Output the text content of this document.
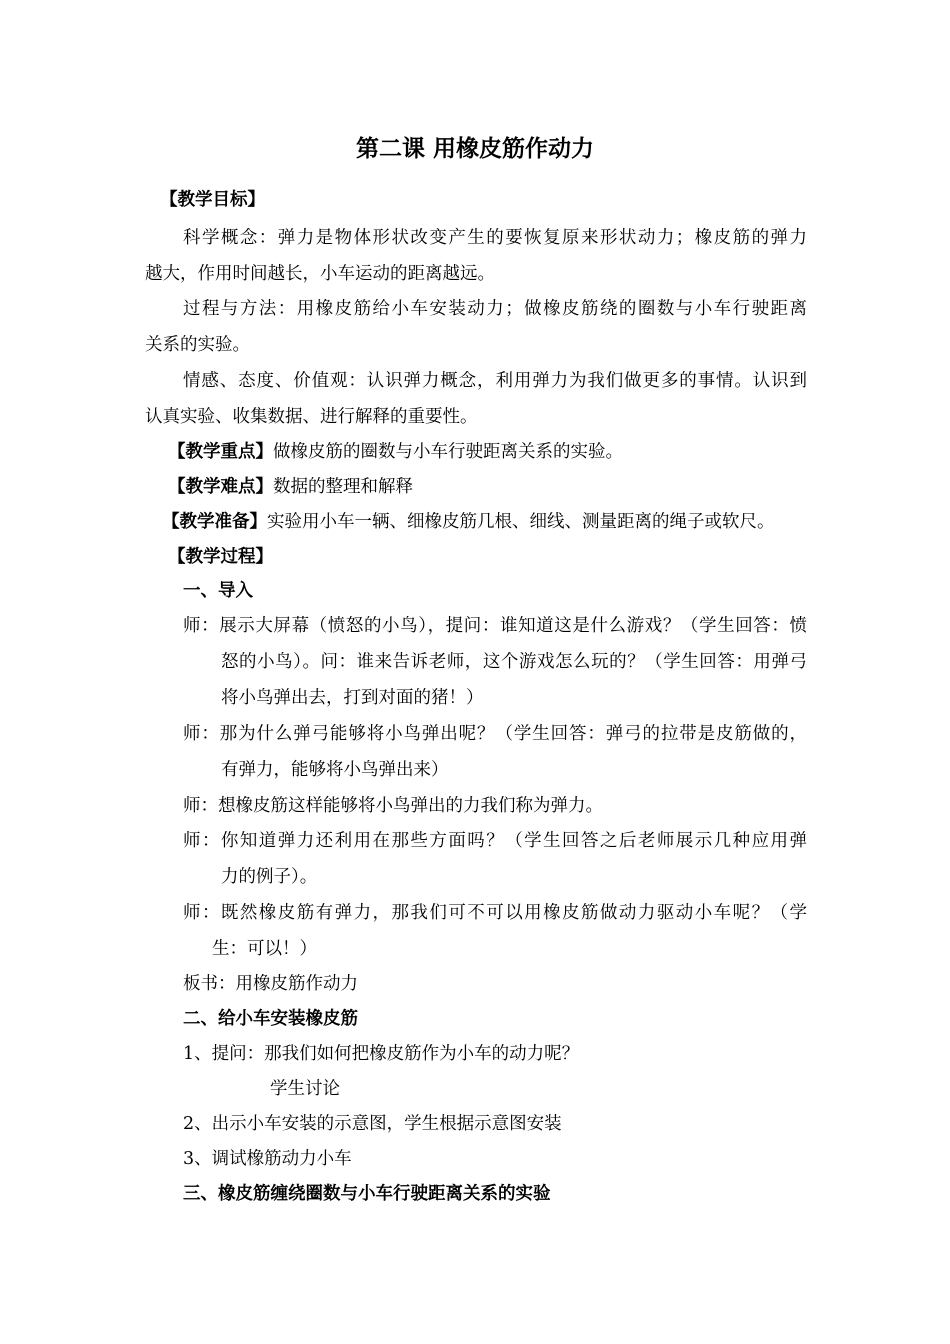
第二课 用橡皮筋作动力
【教学目标】
科学概念：弹力是物体形状改变产生的要恢复原来形状动力；橡皮筋的弹力
越大，作用时间越长，小车运动的距离越远。
过程与方法：用橡皮筋给小车安装动力；做橡皮筋绕的圈数与小车行驶距离
关系的实验。
情感、态度、价值观：认识弹力概念，利用弹力为我们做更多的事情。认识到
认真实验、收集数据、进行解释的重要性。
【教学重点】做橡皮筋的圈数与小车行驶距离关系的实验。
【教学难点】数据的整理和解释
【教学准备】实验用小车一辆、细橡皮筋几根、细线、测量距离的绳子或软尺。
【教学过程】
一、导入
师：展示大屏幕（愤怒的小鸟），提问：谁知道这是什么游戏？（学生回答：愤
怒的小鸟）。问：谁来告诉老师，这个游戏怎么玩的？（学生回答：用弹弓
将小鸟弹出去，打到对面的猪！）
师：那为什么弹弓能够将小鸟弹出呢？（学生回答：弹弓的拉带是皮筋做的，
有弹力，能够将小鸟弹出来）
师：想橡皮筋这样能够将小鸟弹出的力我们称为弹力。
师：你知道弹力还利用在那些方面吗？（学生回答之后老师展示几种应用弹
力的例子）。
师：既然橡皮筋有弹力，那我们可不可以用橡皮筋做动力驱动小车呢？（学
生：可以！）
板书：用橡皮筋作动力
二、给小车安装橡皮筋
1、提问：那我们如何把橡皮筋作为小车的动力呢？
学生讨论
2、出示小车安装的示意图，学生根据示意图安装
3、调试橡筋动力小车
三、橡皮筋缠绕圈数与小车行驶距离关系的实验
